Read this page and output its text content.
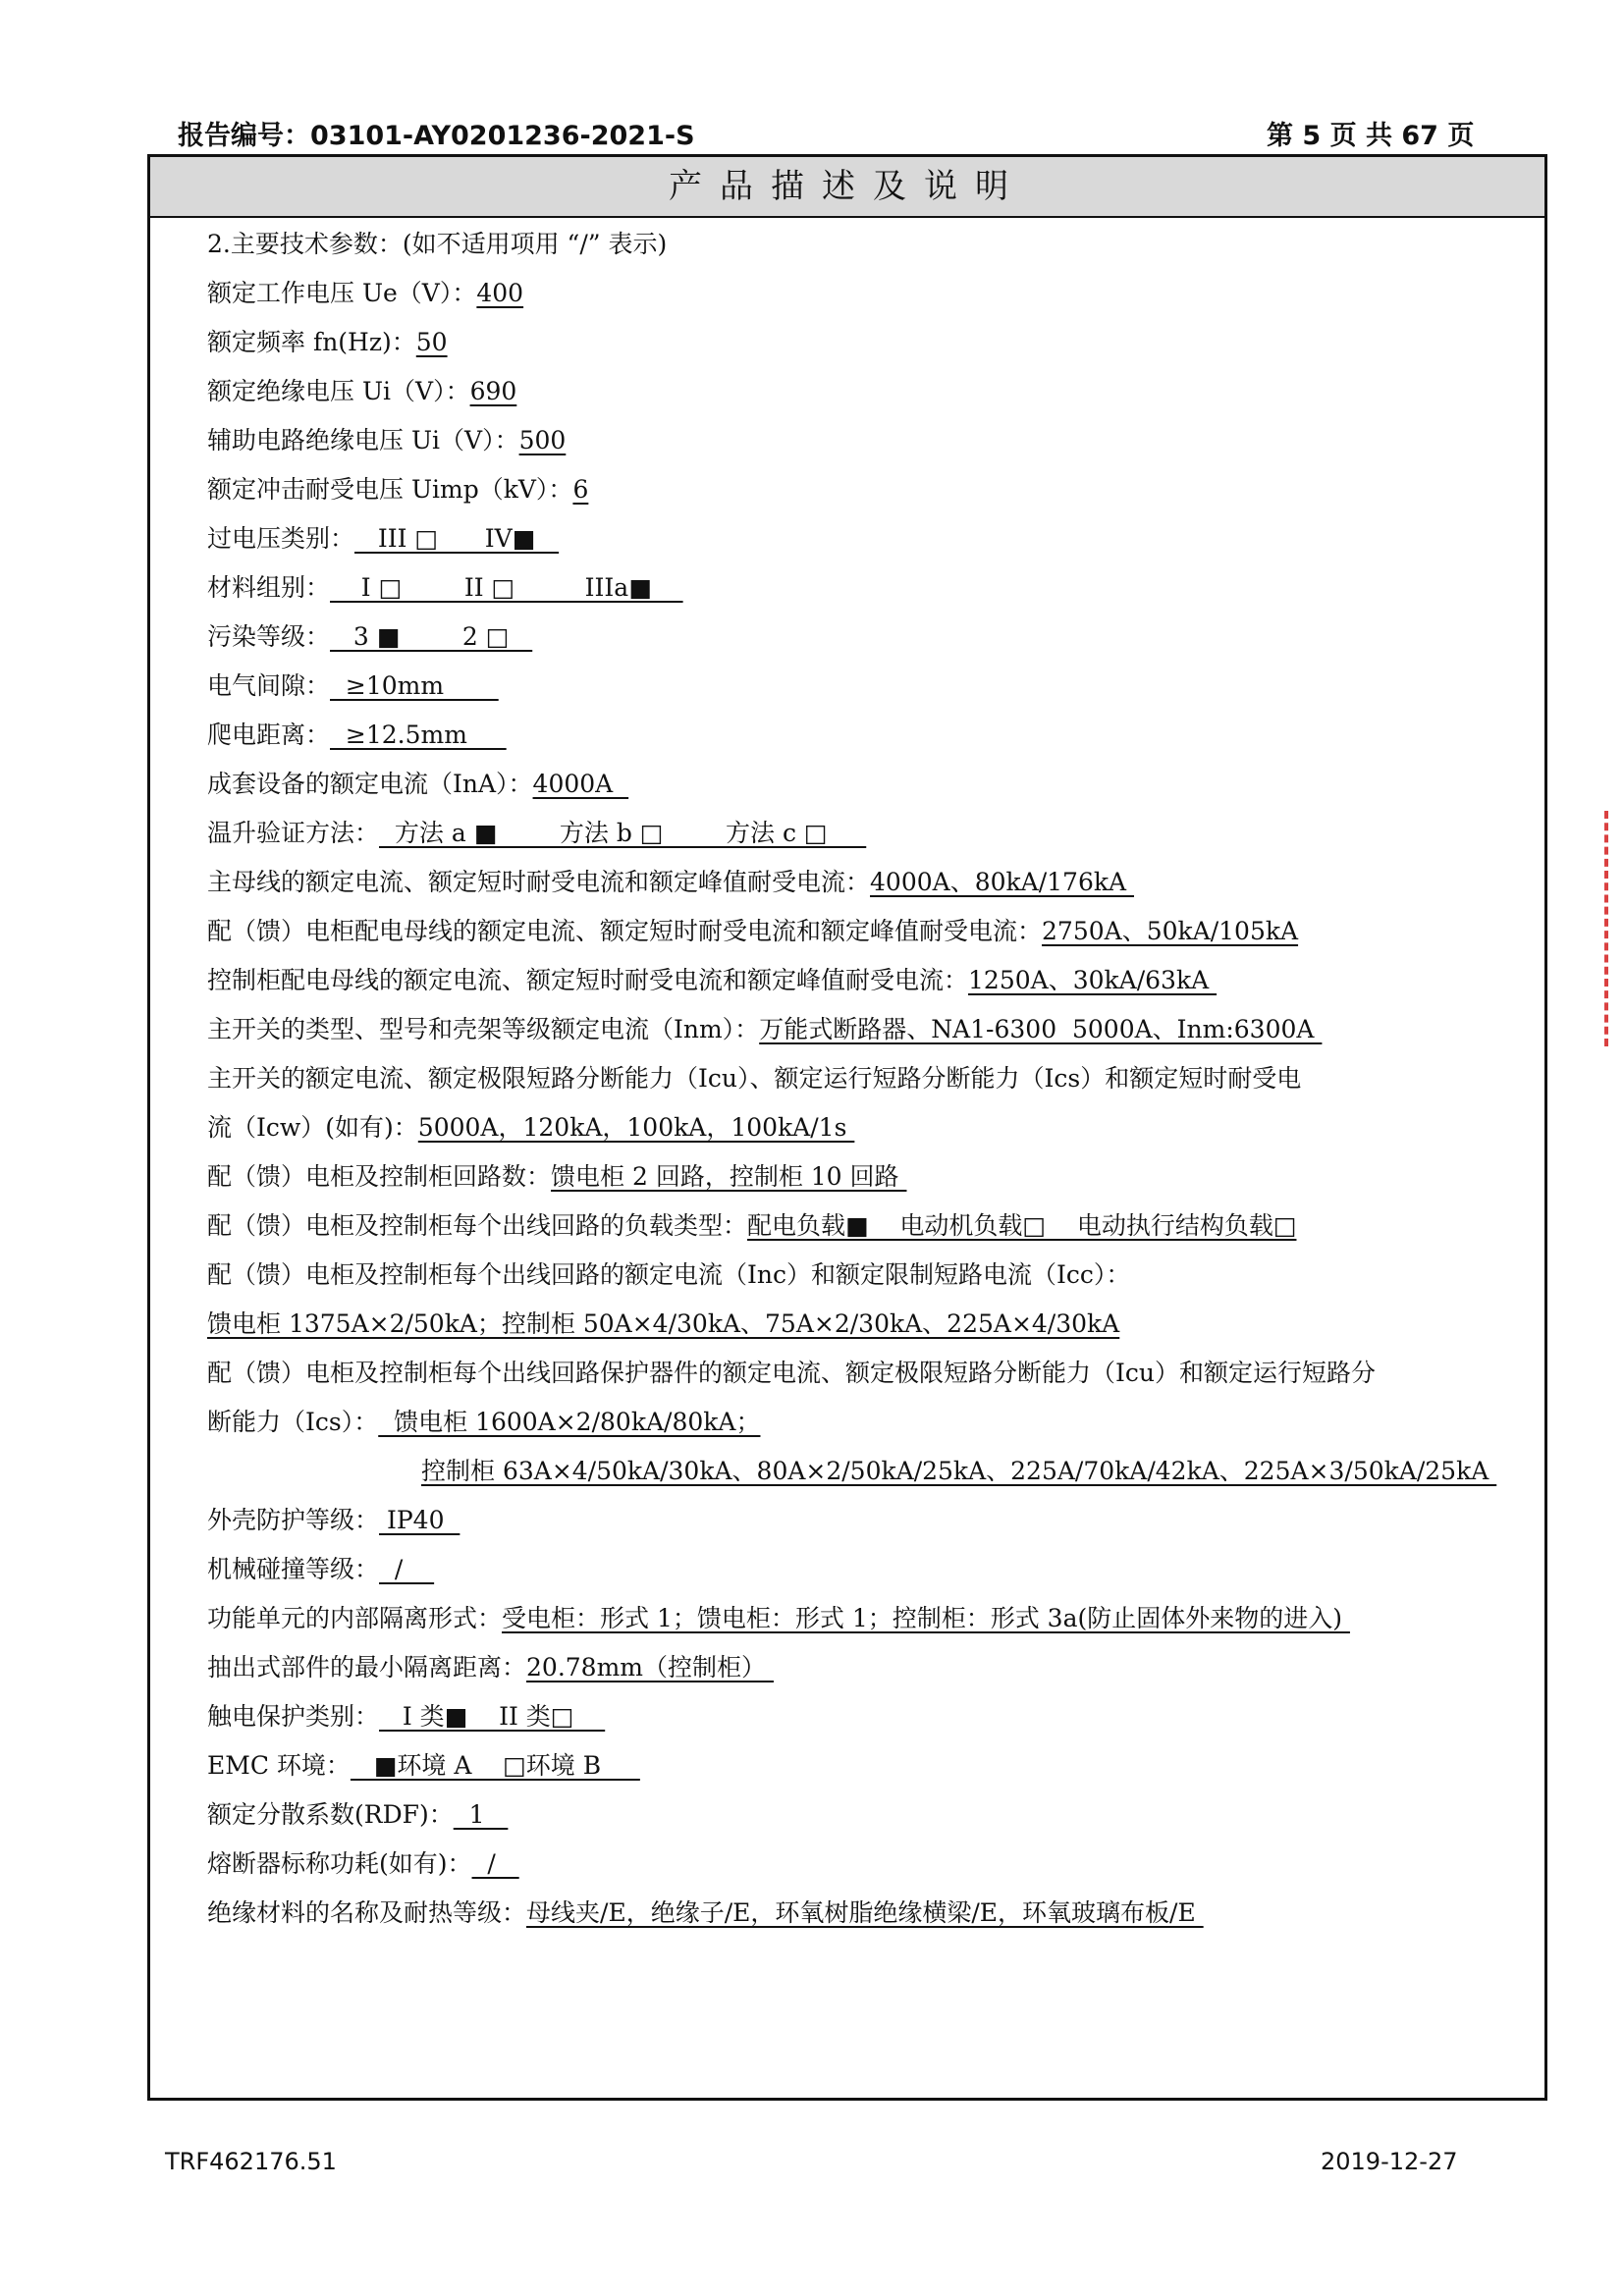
报告编号：03101-AY0201236-2021-S	第 5 页 共 67 页
产品描述及说明
2.主要技术参数：(如不适用项用 “/” 表示)
额定工作电压 Ue（V）：400
额定频率 fn(Hz)：50
额定绝缘电压 Ui（V）：690
辅助电路绝缘电压 Ui（V）：500
额定冲击耐受电压 Uimp（kV）：6
过电压类别：   III □      IV■
材料组别：    I □        II □         IIIa■
污染等级：   3 ■        2 □
电气间隙：  ≥10mm
爬电距离：  ≥12.5mm
成套设备的额定电流（InA）：4000A
温升验证方法：  方法 a ■        方法 b □        方法 c □
主母线的额定电流、额定短时耐受电流和额定峰值耐受电流：4000A、80kA/176kA
配（馈）电柜配电母线的额定电流、额定短时耐受电流和额定峰值耐受电流：2750A、50kA/105kA
控制柜配电母线的额定电流、额定短时耐受电流和额定峰值耐受电流：1250A、30kA/63kA
主开关的类型、型号和壳架等级额定电流（Inm）：万能式断路器、NA1-6300  5000A、Inm:6300A
主开关的额定电流、额定极限短路分断能力（Icu）、额定运行短路分断能力（Ics）和额定短时耐受电
流（Icw）(如有)：5000A，120kA，100kA，100kA/1s
配（馈）电柜及控制柜回路数：馈电柜 2 回路，控制柜 10 回路
配（馈）电柜及控制柜每个出线回路的负载类型：配电负载■    电动机负载□    电动执行结构负载□
配（馈）电柜及控制柜每个出线回路的额定电流（Inc）和额定限制短路电流（Icc）：
馈电柜 1375A×2/50kA；控制柜 50A×4/30kA、75A×2/30kA、225A×4/30kA
配（馈）电柜及控制柜每个出线回路保护器件的额定电流、额定极限短路分断能力（Icu）和额定运行短路分
断能力（Ics）：  馈电柜 1600A×2/80kA/80kA；
控制柜 63A×4/50kA/30kA、80A×2/50kA/25kA、225A/70kA/42kA、225A×3/50kA/25kA
外壳防护等级： IP40
机械碰撞等级：  /
功能单元的内部隔离形式：受电柜：形式 1；馈电柜：形式 1；控制柜：形式 3a(防止固体外来物的进入)
抽出式部件的最小隔离距离：20.78mm（控制柜）
触电保护类别：   I 类■    II 类□
EMC 环境：   ■环境 A    □环境 B
额定分散系数(RDF)：  1
熔断器标称功耗(如有)：  /
绝缘材料的名称及耐热等级：母线夹/E，绝缘子/E，环氧树脂绝缘横梁/E，环氧玻璃布板/E
TRF462176.51	2019-12-27
